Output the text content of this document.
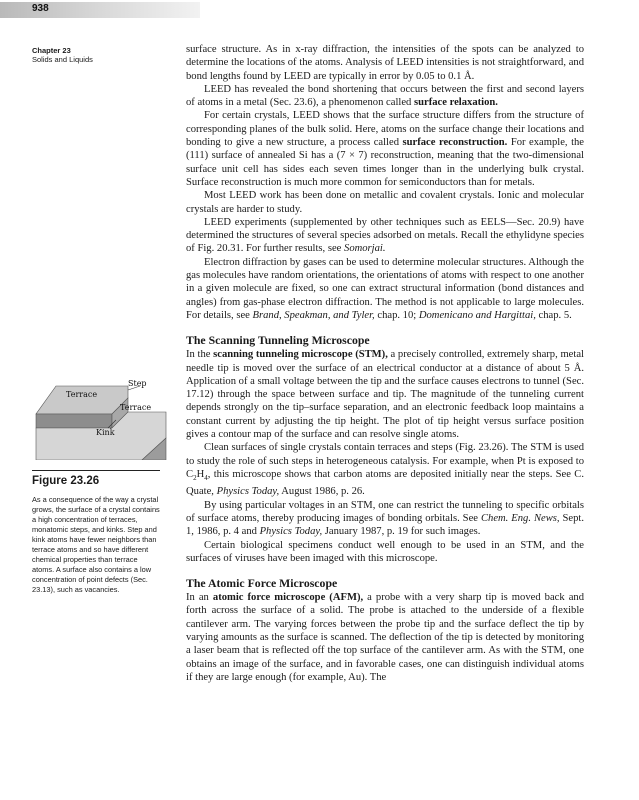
938
Chapter 23
Solids and Liquids
Step
Terrace
Terrace
Kink
Figure 23.26
As a consequence of the way a crystal grows, the surface of a crystal contains a high concentration of terraces, monatomic steps, and kinks. Step and kink atoms have fewer neighbors than terrace atoms and so have different chemical properties than terrace atoms. A surface also contains a low concentration of point defects (Sec. 23.13), such as vacancies.

surface structure. As in x-ray diffraction, the intensities of the spots can be analyzed to determine the locations of the atoms. Analysis of LEED intensities is not straightforward, and bond lengths found by LEED are typically in error by 0.05 to 0.1 Å.

LEED has revealed the bond shortening that occurs between the first and second layers of atoms in a metal (Sec. 23.6), a phenomenon called surface relaxation.

For certain crystals, LEED shows that the surface structure differs from the structure of corresponding planes of the bulk solid. Here, atoms on the surface change their locations and bonding to give a new structure, a process called surface reconstruction. For example, the (111) surface of annealed Si has a (7 × 7) reconstruction, meaning that the two-dimensional surface unit cell has sides each seven times longer than in the underlying bulk crystal. Surface reconstruction is much more common for semiconductors than for metals.

Most LEED work has been done on metallic and covalent crystals. Ionic and molecular crystals are harder to study.

LEED experiments (supplemented by other techniques such as EELS—Sec. 20.9) have determined the structures of several species adsorbed on metals. Recall the ethylidyne species of Fig. 20.31. For further results, see Somorjai.

Electron diffraction by gases can be used to determine molecular structures. Although the gas molecules have random orientations, the orientations of atoms with respect to one another in a given molecule are fixed, so one can extract structural information (bond distances and angles) from gas-phase electron diffraction. The method is not applicable to large molecules. For details, see Brand, Speakman, and Tyler, chap. 10; Domenicano and Hargittai, chap. 5.

The Scanning Tunneling Microscope

In the scanning tunneling microscope (STM), a precisely controlled, extremely sharp, metal needle tip is moved over the surface of an electrical conductor at a distance of about 5 Å. Application of a small voltage between the tip and the surface causes electrons to tunnel (Sec. 17.12) through the space between surface and tip. The magnitude of the tunneling current depends strongly on the tip–surface separation, and an electronic feedback loop maintains a constant current by adjusting the tip height. The plot of tip height versus surface position gives a contour map of the surface and can resolve single atoms.

Clean surfaces of single crystals contain terraces and steps (Fig. 23.26). The STM is used to study the role of such steps in heterogeneous catalysis. For example, when Pt is exposed to $C_2H_4$, this microscope shows that carbon atoms are deposited initially near the steps. See C. Quate, Physics Today, August 1986, p. 26.

By using particular voltages in an STM, one can restrict the tunneling to specific orbitals of surface atoms, thereby producing images of bonding orbitals. See Chem. Eng. News, Sept. 1, 1986, p. 4 and Physics Today, January 1987, p. 19 for such images.

Certain biological specimens conduct well enough to be used in an STM, and the surfaces of viruses have been imaged with this microscope.

The Atomic Force Microscope

In an atomic force microscope (AFM), a probe with a very sharp tip is moved back and forth across the surface of a solid. The probe is attached to the underside of a flexible cantilever arm. The varying forces between the probe tip and the surface deflect the tip by varying amounts as the surface is scanned. The deflection of the tip is detected by monitoring a laser beam that is reflected off the top surface of the cantilever arm. As with the STM, one obtains an image of the surface, and in favorable cases, one can distinguish individual atoms if they are large enough (for example, Au). The
